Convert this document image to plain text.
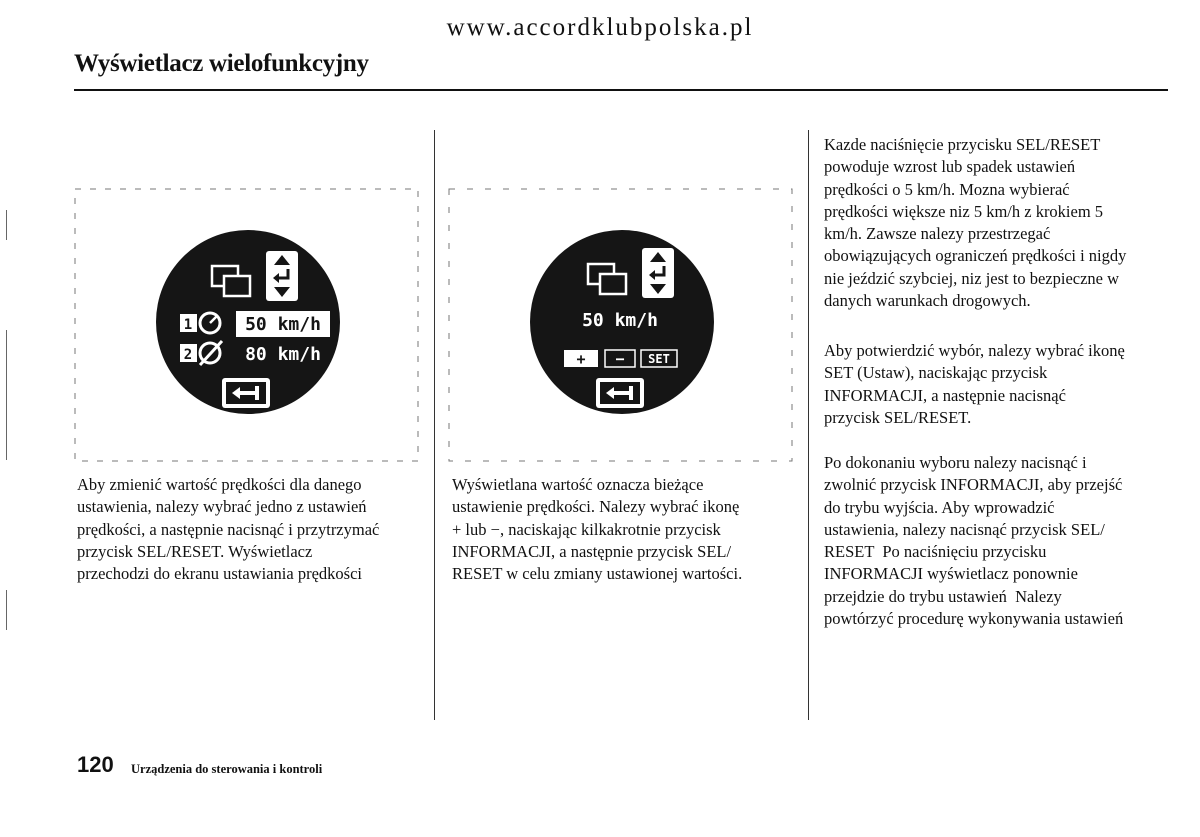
www.accordklubpolska.pl
Wyświetlacz wielofunkcyjny
1	50 km/h
2	80 km/h
50 km/h
+ − SET
Aby zmienić wartość prędkości dla danego
ustawienia, nalezy wybrać jedno z ustawień
prędkości, a następnie nacisnąć i przytrzymać
przycisk SEL/RESET. Wyświetlacz
przechodzi do ekranu ustawiania prędkości
Wyświetlana wartość oznacza bieżące
ustawienie prędkości. Nalezy wybrać ikonę
+ lub −, naciskając kilkakrotnie przycisk
INFORMACJI, a następnie przycisk SEL/
RESET w celu zmiany ustawionej wartości.
Kazde naciśnięcie przycisku SEL/RESET
powoduje wzrost lub spadek ustawień
prędkości o 5 km/h. Mozna wybierać
prędkości większe niz 5 km/h z krokiem 5
km/h. Zawsze nalezy przestrzegać
obowiązujących ograniczeń prędkości i nigdy
nie jeździć szybciej, niz jest to bezpieczne w
danych warunkach drogowych.
Aby potwierdzić wybór, nalezy wybrać ikonę
SET (Ustaw), naciskając przycisk
INFORMACJI, a następnie nacisnąć
przycisk SEL/RESET.
Po dokonaniu wyboru nalezy nacisnąć i
zwolnić przycisk INFORMACJI, aby przejść
do trybu wyjścia. Aby wprowadzić
ustawienia, nalezy nacisnąć przycisk SEL/
RESET  Po naciśnięciu przycisku
INFORMACJI wyświetlacz ponownie
przejdzie do trybu ustawień  Nalezy
powtórzyć procedurę wykonywania ustawień
120 Urządzenia do sterowania i kontroli
